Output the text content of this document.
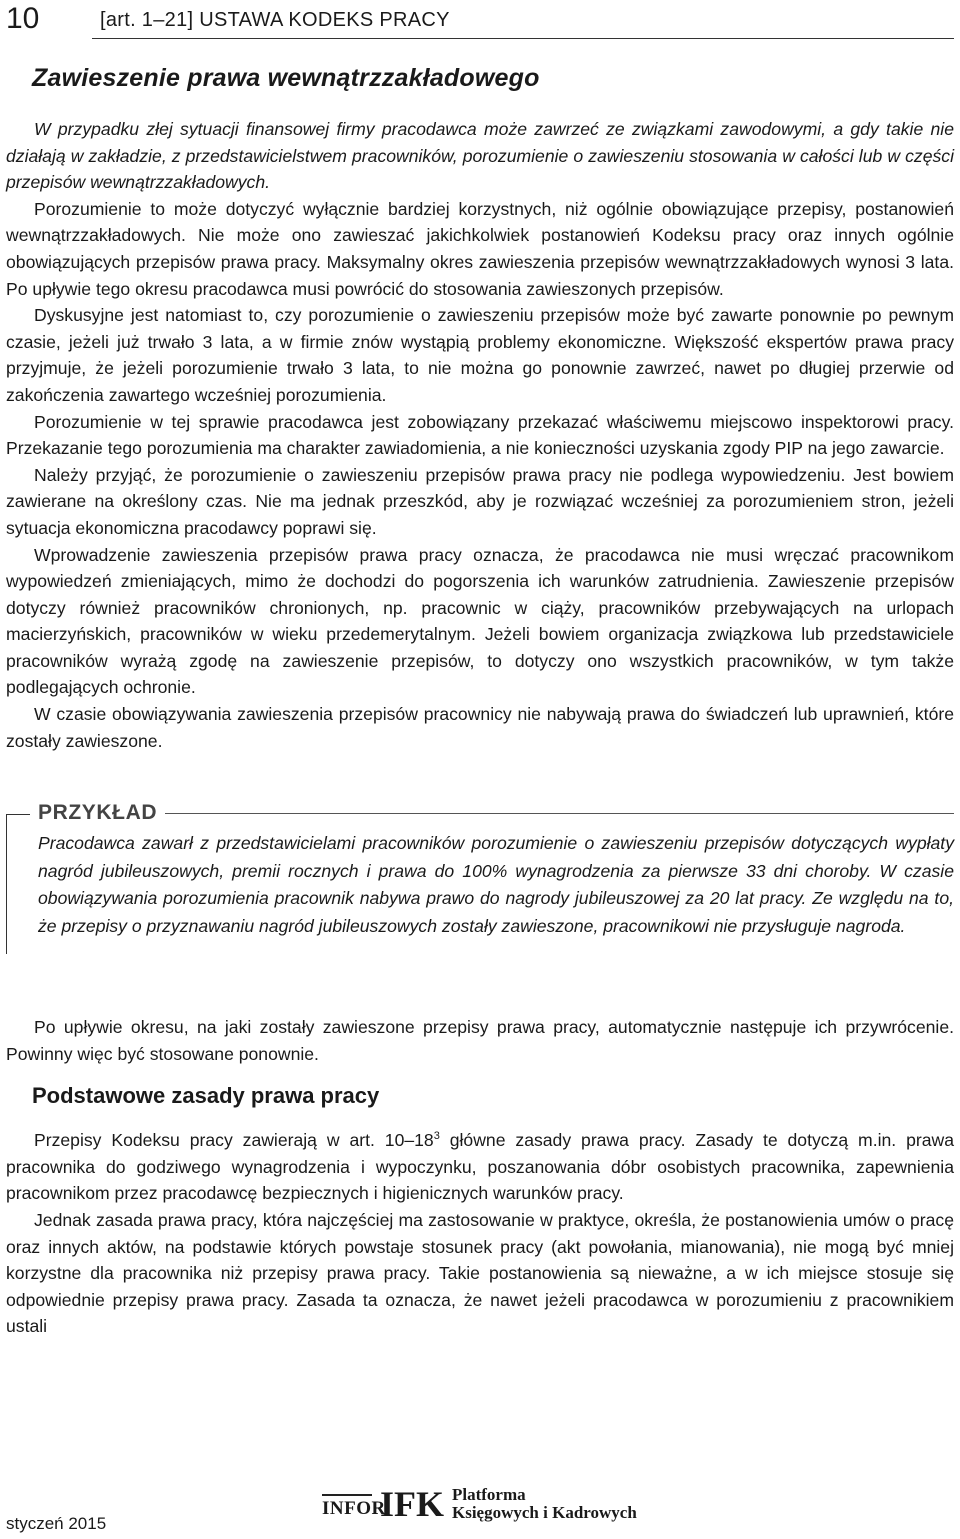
10	[art. 1–21] USTAWA KODEKS PRACY
Zawieszenie prawa wewnątrzzakładowego

W przypadku złej sytuacji finansowej firmy pracodawca może zawrzeć ze związkami zawodowymi, a gdy takie nie działają w zakładzie, z przedstawicielstwem pracowników, porozumienie o zawieszeniu stosowania w całości lub w części przepisów wewnątrzzakładowych.

Porozumienie to może dotyczyć wyłącznie bardziej korzystnych, niż ogólnie obowiązujące przepisy, postanowień wewnątrzzakładowych. Nie może ono zawieszać jakichkolwiek postanowień Kodeksu pracy oraz innych ogólnie obowiązujących przepisów prawa pracy. Maksymalny okres zawieszenia przepisów wewnątrzzakładowych wynosi 3 lata. Po upływie tego okresu pracodawca musi powrócić do stosowania zawieszonych przepisów.

Dyskusyjne jest natomiast to, czy porozumienie o zawieszeniu przepisów może być zawarte ponownie po pewnym czasie, jeżeli już trwało 3 lata, a w firmie znów wystąpią problemy ekonomiczne. Większość ekspertów prawa pracy przyjmuje, że jeżeli porozumienie trwało 3 lata, to nie można go ponownie zawrzeć, nawet po długiej przerwie od zakończenia zawartego wcześniej porozumienia.

Porozumienie w tej sprawie pracodawca jest zobowiązany przekazać właściwemu miejscowo inspektorowi pracy. Przekazanie tego porozumienia ma charakter zawiadomienia, a nie konieczności uzyskania zgody PIP na jego zawarcie.

Należy przyjąć, że porozumienie o zawieszeniu przepisów prawa pracy nie podlega wypowiedzeniu. Jest bowiem zawierane na określony czas. Nie ma jednak przeszkód, aby je rozwiązać wcześniej za porozumieniem stron, jeżeli sytuacja ekonomiczna pracodawcy poprawi się.

Wprowadzenie zawieszenia przepisów prawa pracy oznacza, że pracodawca nie musi wręczać pracownikom wypowiedzeń zmieniających, mimo że dochodzi do pogorszenia ich warunków zatrudnienia. Zawieszenie przepisów dotyczy również pracowników chronionych, np. pracownic w ciąży, pracowników przebywających na urlopach macierzyńskich, pracowników w wieku przedemerytalnym. Jeżeli bowiem organizacja związkowa lub przedstawiciele pracowników wyrażą zgodę na zawieszenie przepisów, to dotyczy ono wszystkich pracowników, w tym także podlegających ochronie.

W czasie obowiązywania zawieszenia przepisów pracownicy nie nabywają prawa do świadczeń lub uprawnień, które zostały zawieszone.

PRZYKŁAD

Pracodawca zawarł z przedstawicielami pracowników porozumienie o zawieszeniu przepisów dotyczących wypłaty nagród jubileuszowych, premii rocznych i prawa do 100% wynagrodzenia za pierwsze 33 dni choroby. W czasie obowiązywania porozumienia pracownik nabywa prawo do nagrody jubileuszowej za 20 lat pracy. Ze względu na to, że przepisy o przyznawaniu nagród jubileuszowych zostały zawieszone, pracownikowi nie przysługuje nagroda.

Po upływie okresu, na jaki zostały zawieszone przepisy prawa pracy, automatycznie następuje ich przywrócenie. Powinny więc być stosowane ponownie.

Podstawowe zasady prawa pracy

Przepisy Kodeksu pracy zawierają w art. $10-18^3$ główne zasady prawa pracy. Zasady te dotyczą m.in. prawa pracownika do godziwego wynagrodzenia i wypoczynku, poszanowania dóbr osobistych pracownika, zapewnienia pracownikom przez pracodawcę bezpiecznych i higienicznych warunków pracy.

Jednak zasada prawa pracy, która najczęściej ma zastosowanie w praktyce, określa, że postanowienia umów o pracę oraz innych aktów, na podstawie których powstaje stosunek pracy (akt powołania, mianowania), nie mogą być mniej korzystne dla pracownika niż przepisy prawa pracy. Takie postanowienia są nieważne, a w ich miejsce stosuje się odpowiednie przepisy prawa pracy. Zasada ta oznacza, że nawet jeżeli pracodawca w porozumieniu z pracownikiem ustali

styczeń 2015
INFOR
IFK Platforma
Księgowych i Kadrowych
